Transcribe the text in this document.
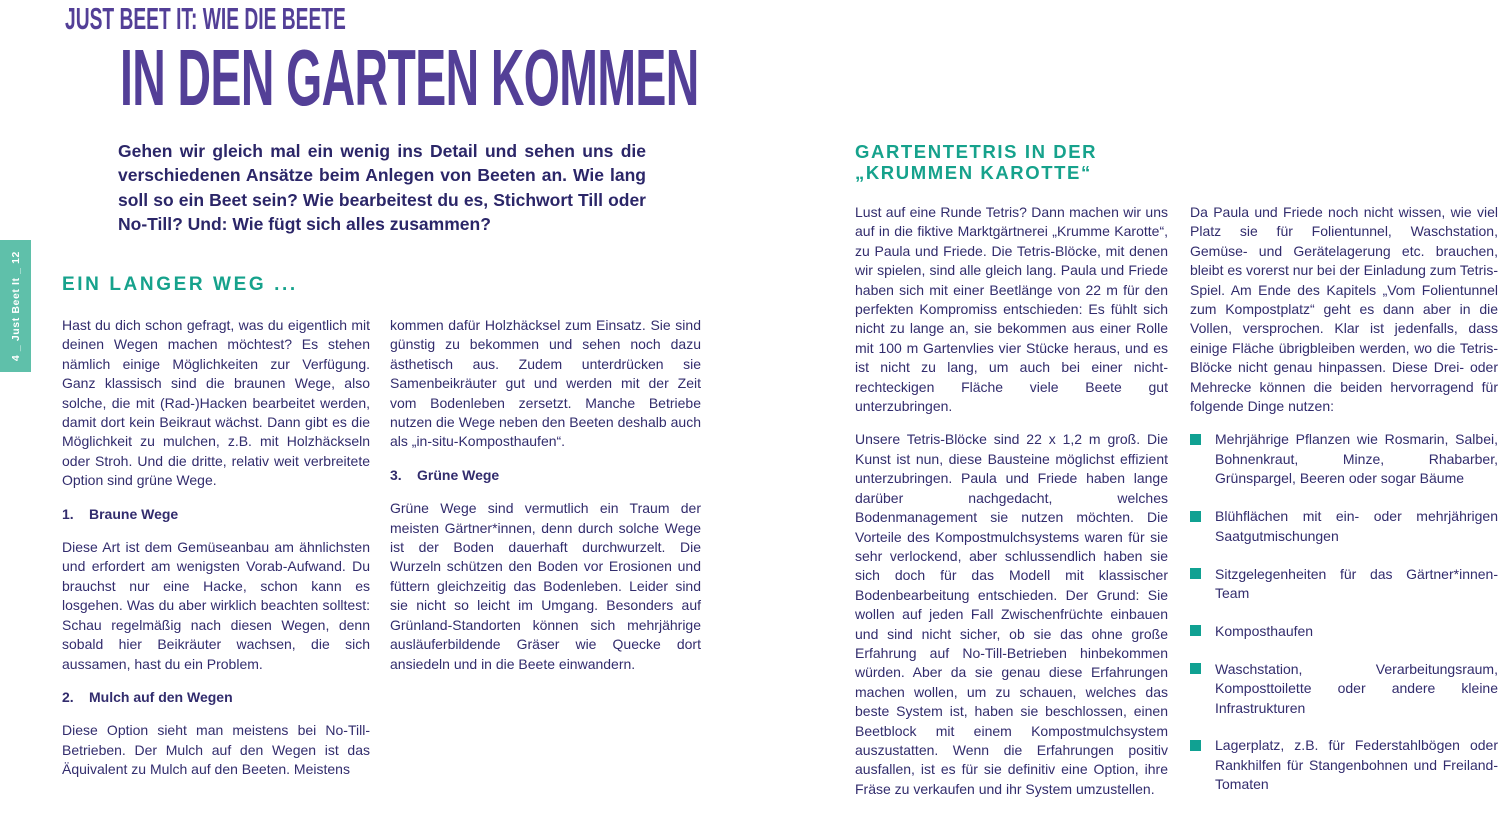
4 _ Just Beet It _ 12
JUST BEET IT: WIE DIE BEETE
IN DEN GARTEN KOMMEN
Gehen wir gleich mal ein wenig ins Detail und sehen uns die verschiedenen Ansätze beim Anlegen von Beeten an. Wie lang soll so ein Beet sein? Wie bearbeitest du es, Stichwort Till oder No-Till? Und: Wie fügt sich alles zusammen?
EIN LANGER WEG ...

Hast du dich schon gefragt, was du eigentlich mit deinen Wegen machen möchtest? Es stehen nämlich einige Möglichkeiten zur Verfügung. Ganz klassisch sind die braunen Wege, also solche, die mit (Rad-)Hacken bearbeitet werden, damit dort kein Beikraut wächst. Dann gibt es die Möglichkeit zu mulchen, z.B. mit Holzhäckseln oder Stroh. Und die dritte, relativ weit verbreitete Option sind grüne Wege.

1. Braune Wege

Diese Art ist dem Gemüseanbau am ähnlichsten und erfordert am wenigsten Vorab-Aufwand. Du brauchst nur eine Hacke, schon kann es losgehen. Was du aber wirklich beachten solltest: Schau regelmäßig nach diesen Wegen, denn sobald hier Beikräuter wachsen, die sich aussamen, hast du ein Problem.

2. Mulch auf den Wegen

Diese Option sieht man meistens bei No-Till-Betrieben. Der Mulch auf den Wegen ist das Äquivalent zu Mulch auf den Beeten. Meistens

kommen dafür Holzhäcksel zum Einsatz. Sie sind günstig zu bekommen und sehen noch dazu ästhetisch aus. Zudem unterdrücken sie Samenbeikräuter gut und werden mit der Zeit vom Bodenleben zersetzt. Manche Betriebe nutzen die Wege neben den Beeten deshalb auch als „in-situ-Komposthaufen“.

3. Grüne Wege

Grüne Wege sind vermutlich ein Traum der meisten Gärtner*innen, denn durch solche Wege ist der Boden dauerhaft durchwurzelt. Die Wurzeln schützen den Boden vor Erosionen und füttern gleichzeitig das Bodenleben. Leider sind sie nicht so leicht im Umgang. Besonders auf Grünland-Standorten können sich mehrjährige ausläuferbildende Gräser wie Quecke dort ansiedeln und in die Beete einwandern.

GARTENTETRIS IN DER
„KRUMMEN KAROTTE“

Lust auf eine Runde Tetris? Dann machen wir uns auf in die fiktive Marktgärtnerei „Krumme Karotte“, zu Paula und Friede. Die Tetris-Blöcke, mit denen wir spielen, sind alle gleich lang. Paula und Friede haben sich mit einer Beetlänge von 22 m für den perfekten Kompromiss entschieden: Es fühlt sich nicht zu lange an, sie bekommen aus einer Rolle mit 100 m Gartenvlies vier Stücke heraus, und es ist nicht zu lang, um auch bei einer nicht-rechteckigen Fläche viele Beete gut unterzubringen.

Unsere Tetris-Blöcke sind 22 x 1,2 m groß. Die Kunst ist nun, diese Bausteine möglichst effizient unterzubringen. Paula und Friede haben lange darüber nachgedacht, welches Bodenmanagement sie nutzen möchten. Die Vorteile des Kompostmulchsystems waren für sie sehr verlockend, aber schlussendlich haben sie sich doch für das Modell mit klassischer Bodenbearbeitung entschieden. Der Grund: Sie wollen auf jeden Fall Zwischenfrüchte einbauen und sind nicht sicher, ob sie das ohne große Erfahrung auf No-Till-Betrieben hinbekommen würden. Aber da sie genau diese Erfahrungen machen wollen, um zu schauen, welches das beste System ist, haben sie beschlossen, einen Beetblock mit einem Kompostmulchsystem auszustatten. Wenn die Erfahrungen positiv ausfallen, ist es für sie definitiv eine Option, ihre Fräse zu verkaufen und ihr System umzustellen.

Da Paula und Friede noch nicht wissen, wie viel Platz sie für Folientunnel, Waschstation, Gemüse- und Gerätelagerung etc. brauchen, bleibt es vorerst nur bei der Einladung zum Tetris-Spiel. Am Ende des Kapitels „Vom Folientunnel zum Kompostplatz“ geht es dann aber in die Vollen, versprochen. Klar ist jedenfalls, dass einige Fläche übrigbleiben werden, wo die Tetris-Blöcke nicht genau hinpassen. Diese Drei- oder Mehrecke können die beiden hervorragend für folgende Dinge nutzen:

Mehrjährige Pflanzen wie Rosmarin, Salbei, Bohnenkraut, Minze, Rhabarber, Grünspargel, Beeren oder sogar Bäume
Blühflächen mit ein- oder mehrjährigen Saatgutmischungen
Sitzgelegenheiten für das Gärtner*innen-Team
Komposthaufen
Waschstation, Verarbeitungsraum, Komposttoilette oder andere kleine Infrastrukturen
Lagerplatz, z.B. für Federstahlbögen oder Rankhilfen für Stangenbohnen und Freiland-Tomaten
